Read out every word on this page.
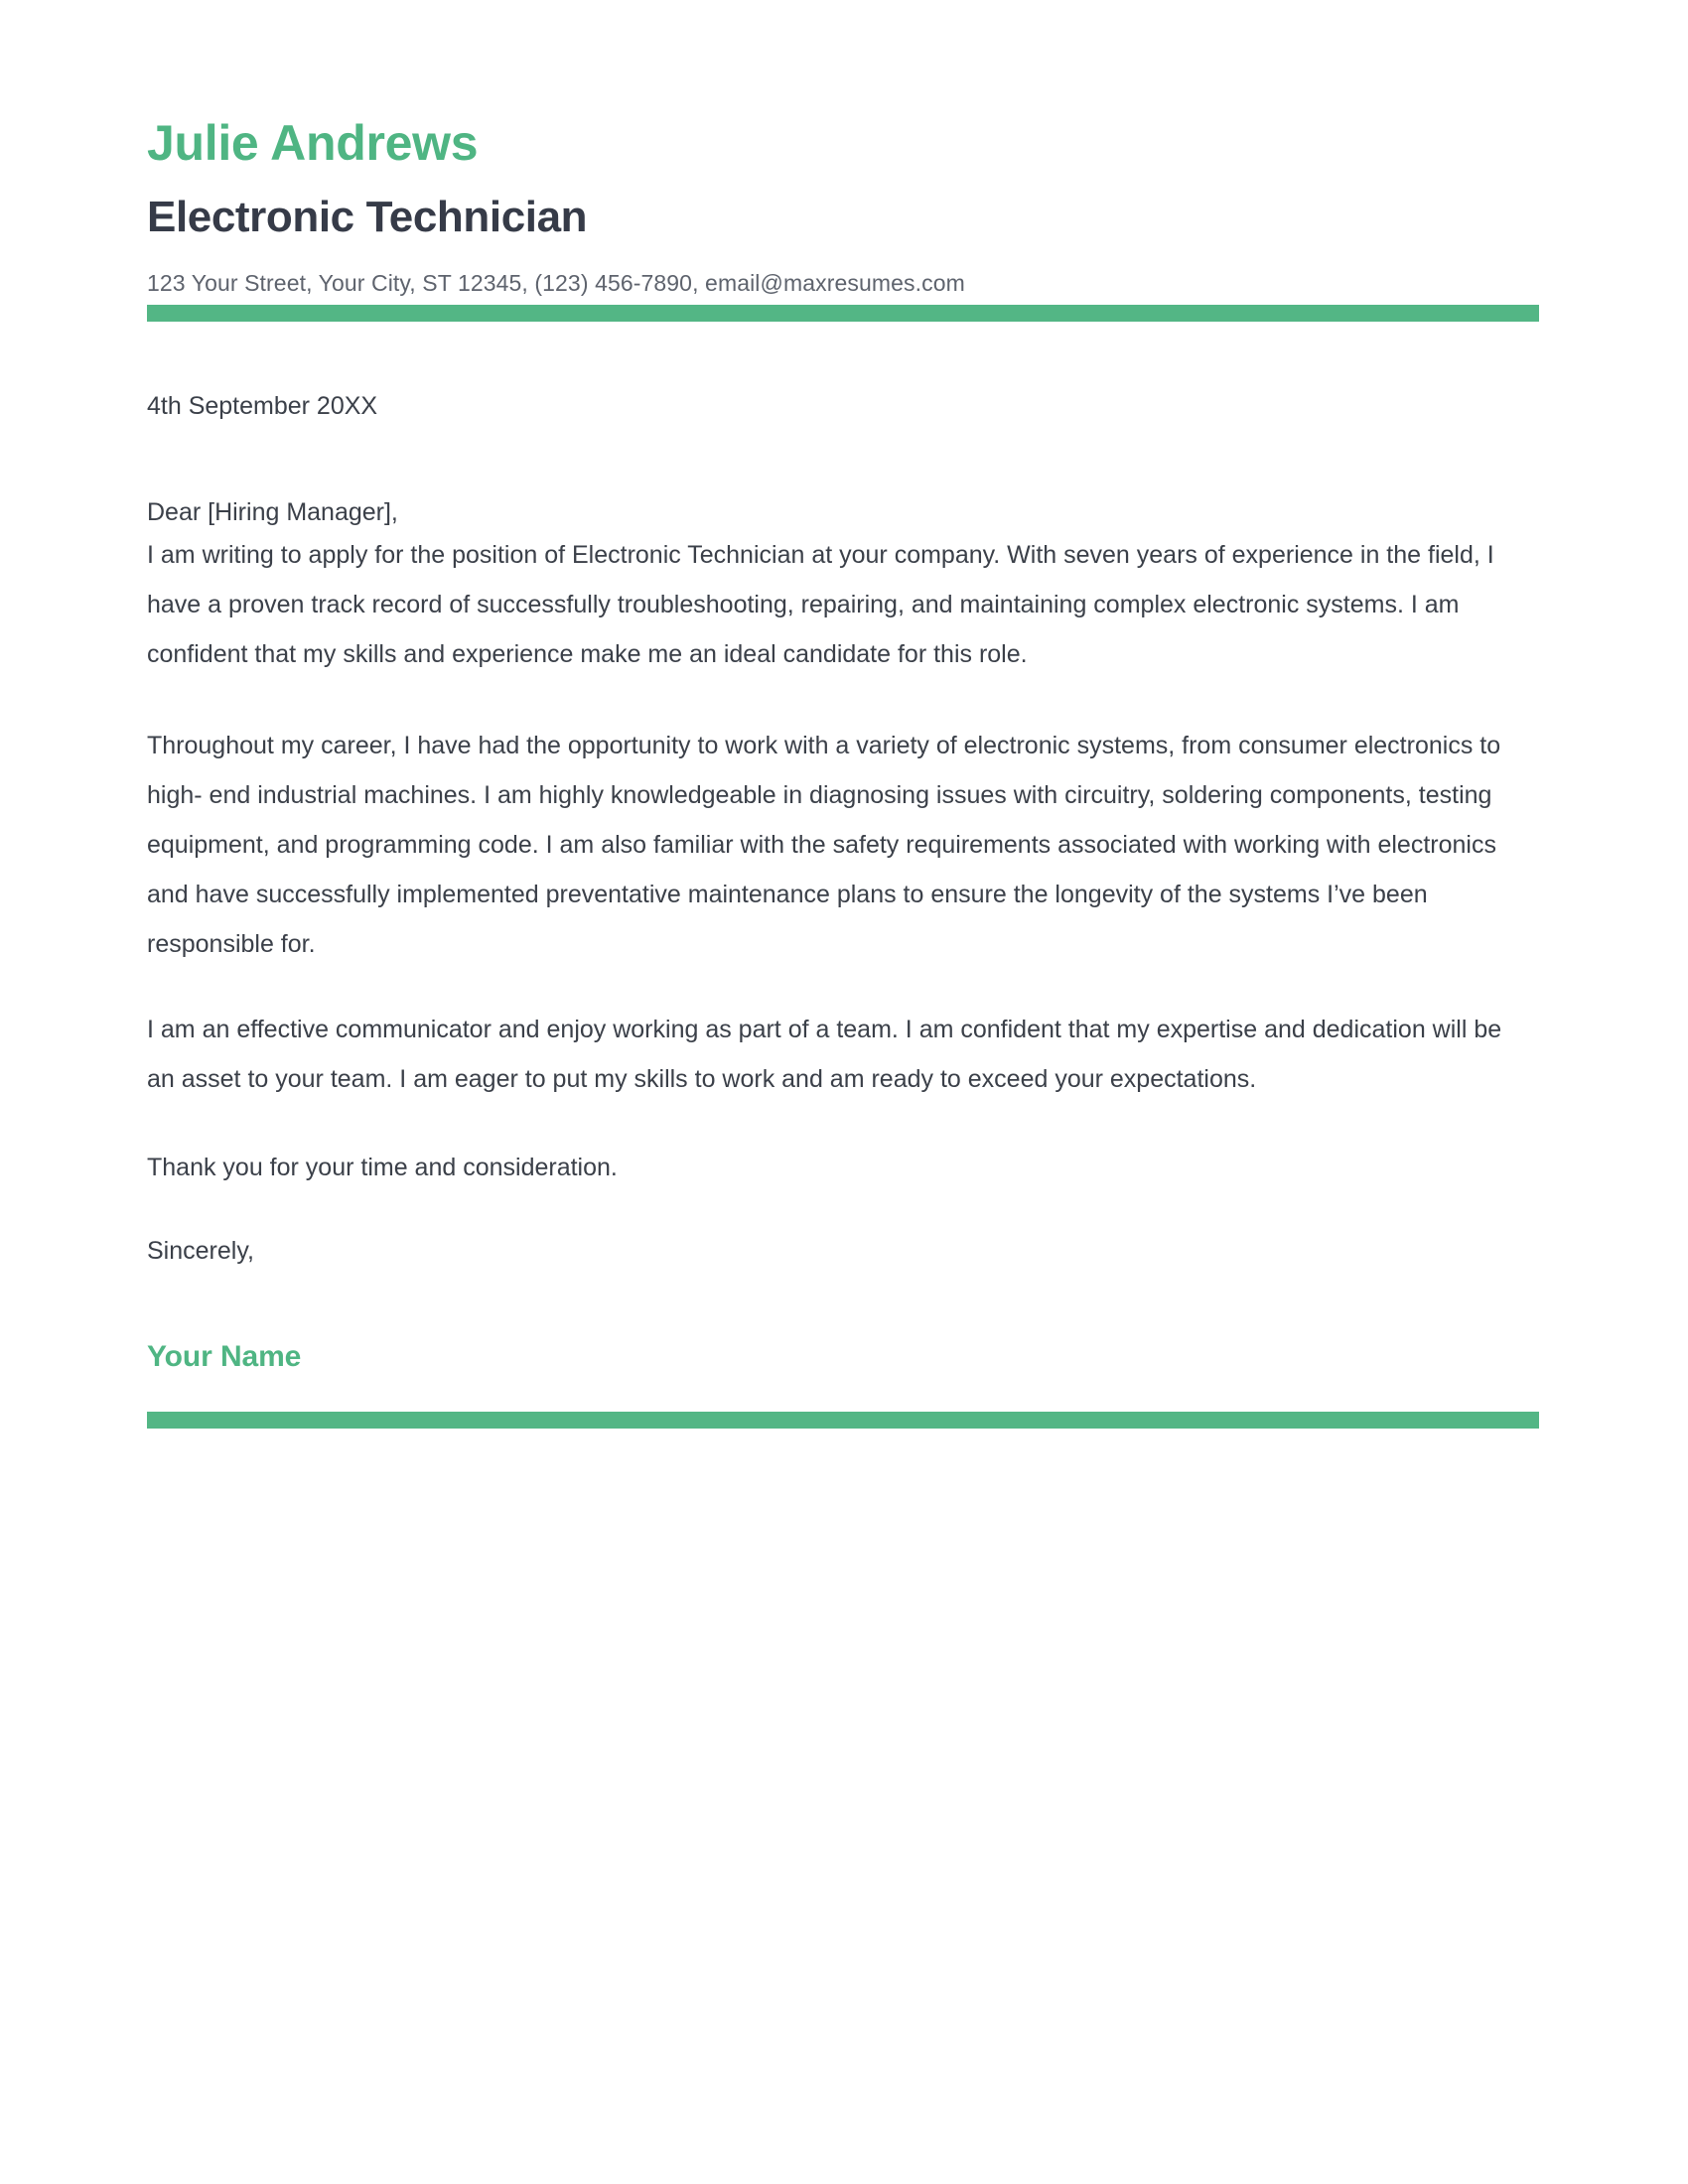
Julie Andrews
Electronic Technician
123 Your Street, Your City, ST 12345, (123) 456-7890, email@maxresumes.com
4th September 20XX
Dear [Hiring Manager],

I am writing to apply for the position of Electronic Technician at your company. With seven years of experience in the field, I have a proven track record of successfully troubleshooting, repairing, and maintaining complex electronic systems. I am confident that my skills and experience make me an ideal candidate for this role.

Throughout my career, I have had the opportunity to work with a variety of electronic systems, from consumer electronics to high- end industrial machines. I am highly knowledgeable in diagnosing issues with circuitry, soldering components, testing equipment, and programming code. I am also familiar with the safety requirements associated with working with electronics and have successfully implemented preventative maintenance plans to ensure the longevity of the systems I’ve been responsible for.

I am an effective communicator and enjoy working as part of a team. I am confident that my expertise and dedication will be an asset to your team. I am eager to put my skills to work and am ready to exceed your expectations.

Thank you for your time and consideration.
Sincerely,
Your Name
